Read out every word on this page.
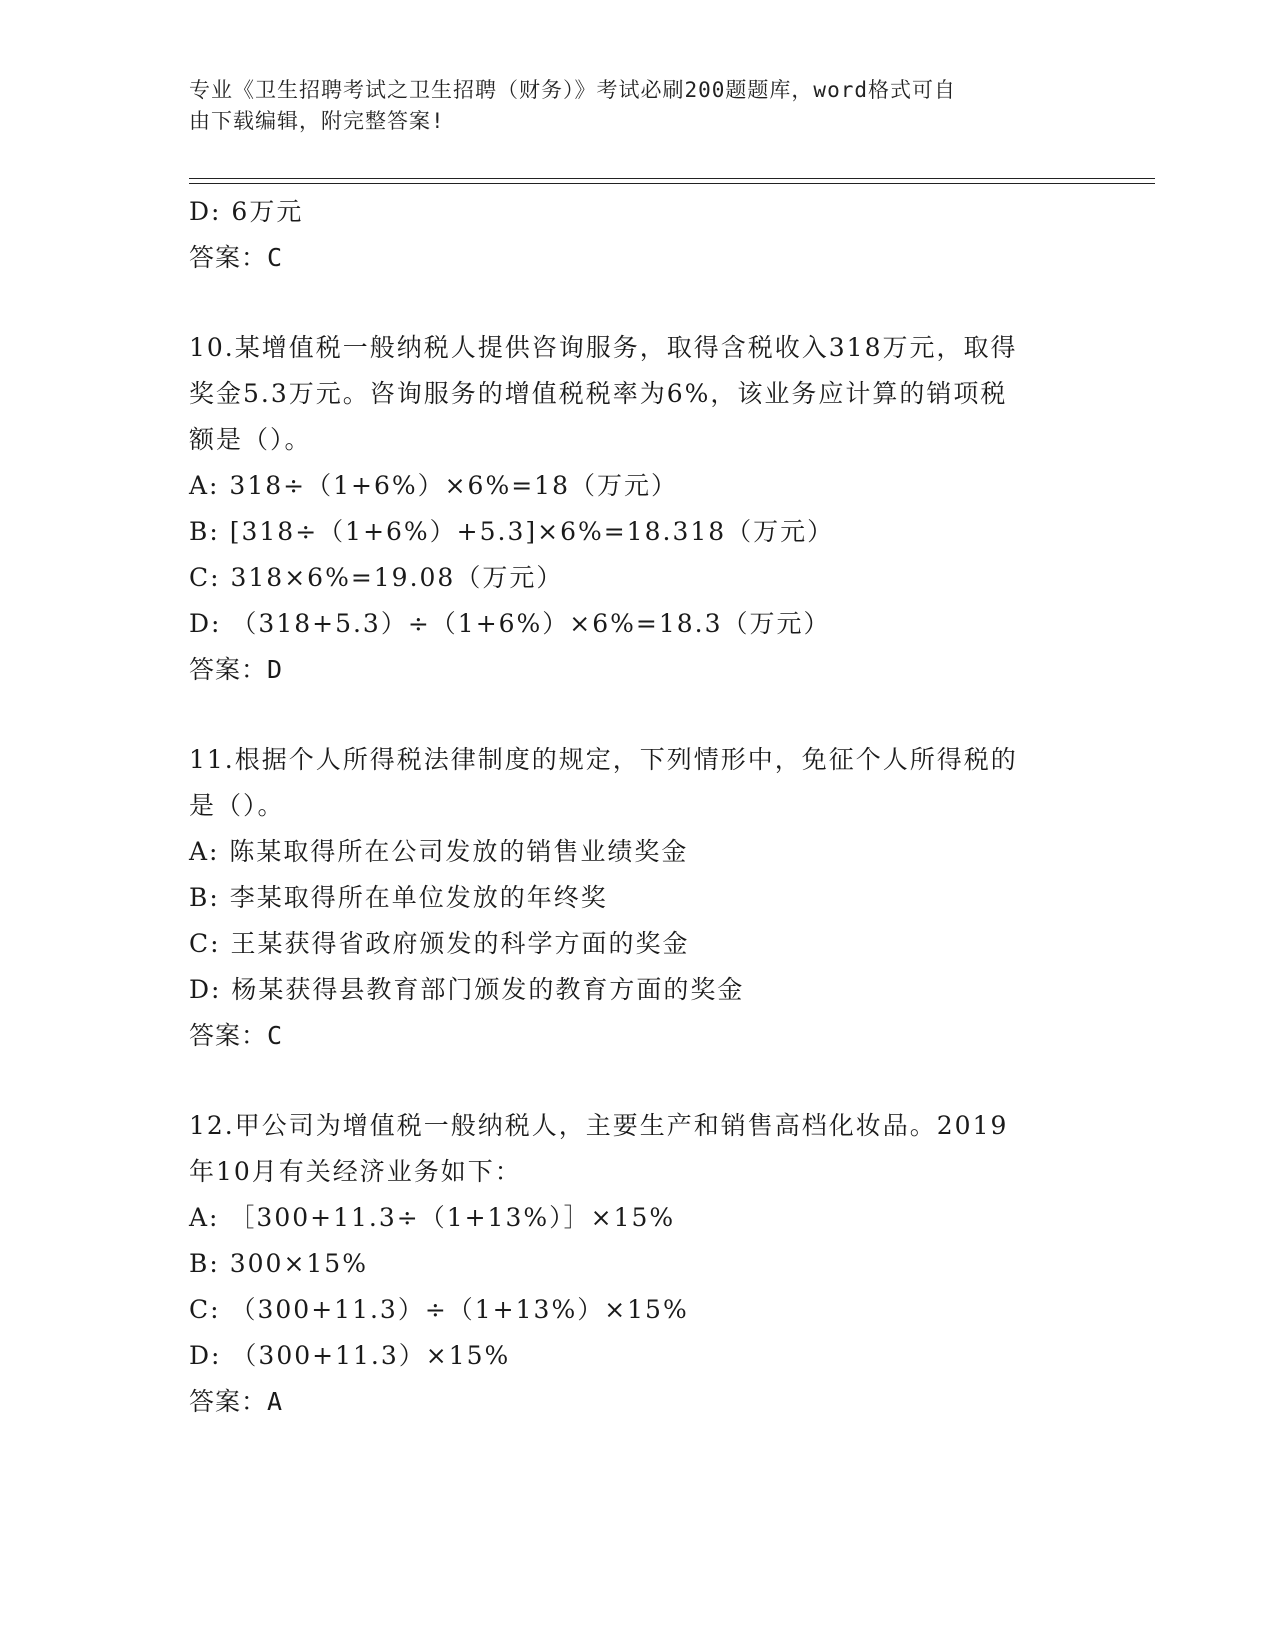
专业《卫生招聘考试之卫生招聘（财务）》考试必刷200题题库，word格式可自
由下载编辑，附完整答案!
D: 6万元
答案：C
10.某增值税一般纳税人提供咨询服务，取得含税收入318万元，取得
奖金5.3万元。咨询服务的增值税税率为6%，该业务应计算的销项税
额是（）。
A: 318÷（1+6%）×6%=18（万元）
B: [318÷（1+6%）+5.3]×6%=18.318（万元）
C: 318×6%=19.08（万元）
D: （318+5.3）÷（1+6%）×6%=18.3（万元）
答案：D
11.根据个人所得税法律制度的规定，下列情形中，免征个人所得税的
是（）。
A: 陈某取得所在公司发放的销售业绩奖金
B: 李某取得所在单位发放的年终奖
C: 王某获得省政府颁发的科学方面的奖金
D: 杨某获得县教育部门颁发的教育方面的奖金
答案：C
12.甲公司为增值税一般纳税人，主要生产和销售高档化妆品。2019
年10月有关经济业务如下：
A: ［300+11.3÷（1+13%）］×15%
B: 300×15%
C: （300+11.3）÷（1+13%）×15%
D: （300+11.3）×15%
答案：A
